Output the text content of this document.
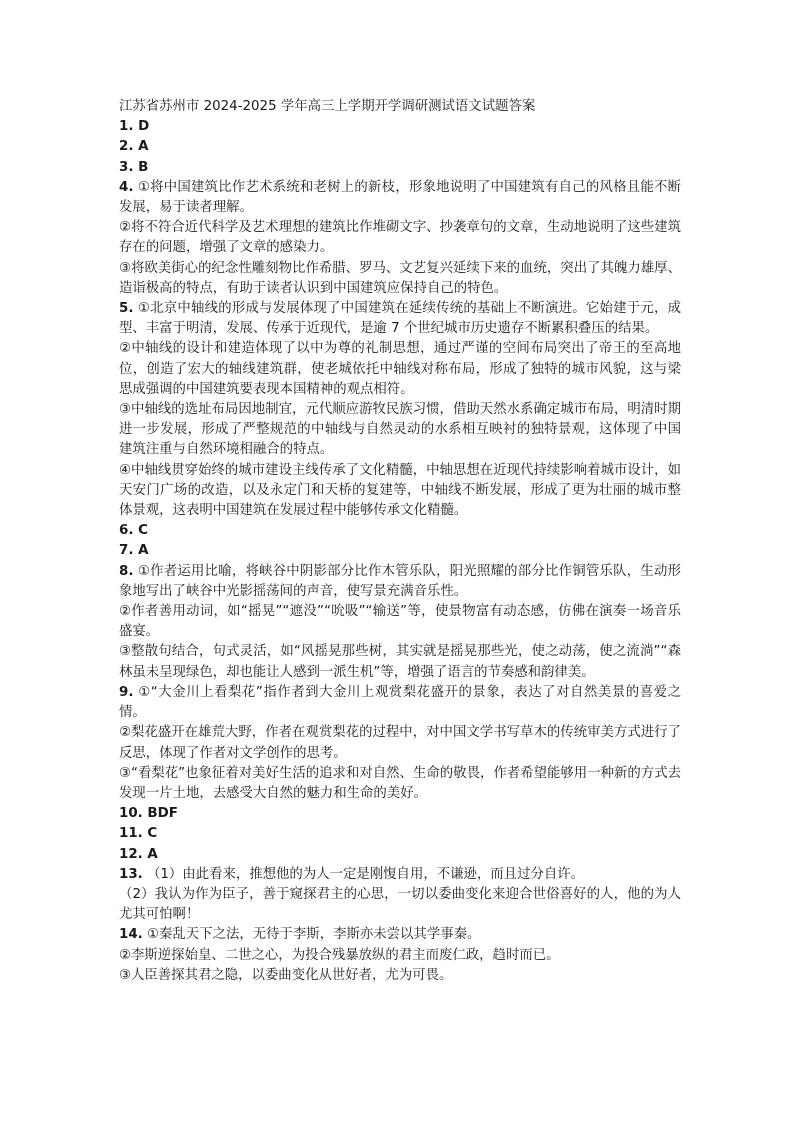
江苏省苏州市 2024-2025 学年高三上学期开学调研测试语文试题答案

1. D

2. A

3. B

4. ①将中国建筑比作艺术系统和老树上的新枝，形象地说明了中国建筑有自己的风格且能不断发展，易于读者理解。

②将不符合近代科学及艺术理想的建筑比作堆砌文字、抄袭章句的文章，生动地说明了这些建筑存在的问题，增强了文章的感染力。

③将欧美街心的纪念性雕刻物比作希腊、罗马、文艺复兴延续下来的血统，突出了其魄力雄厚、造诣极高的特点，有助于读者认识到中国建筑应保持自己的特色。

5. ①北京中轴线的形成与发展体现了中国建筑在延续传统的基础上不断演进。它始建于元，成型、丰富于明清，发展、传承于近现代，是逾 7 个世纪城市历史遗存不断累积叠压的结果。

②中轴线的设计和建造体现了以中为尊的礼制思想，通过严谨的空间布局突出了帝王的至高地位，创造了宏大的轴线建筑群，使老城依托中轴线对称布局，形成了独特的城市风貌，这与梁思成强调的中国建筑要表现本国精神的观点相符。

③中轴线的选址布局因地制宜，元代顺应游牧民族习惯，借助天然水系确定城市布局，明清时期进一步发展，形成了严整规范的中轴线与自然灵动的水系相互映衬的独特景观，这体现了中国建筑注重与自然环境相融合的特点。

④中轴线贯穿始终的城市建设主线传承了文化精髓，中轴思想在近现代持续影响着城市设计，如天安门广场的改造，以及永定门和天桥的复建等，中轴线不断发展，形成了更为壮丽的城市整体景观，这表明中国建筑在发展过程中能够传承文化精髓。

6. C

7. A

8. ①作者运用比喻，将峡谷中阴影部分比作木管乐队，阳光照耀的部分比作铜管乐队，生动形象地写出了峡谷中光影摇荡间的声音，使写景充满音乐性。

②作者善用动词，如“摇晃”“遮没”“吮吸”“输送”等，使景物富有动态感，仿佛在演奏一场音乐盛宴。

③整散句结合，句式灵活，如“风摇晃那些树，其实就是摇晃那些光，使之动荡，使之流淌”“森林虽未呈现绿色，却也能让人感到一派生机”等，增强了语言的节奏感和韵律美。

9. ①“大金川上看梨花”指作者到大金川上观赏梨花盛开的景象，表达了对自然美景的喜爱之情。

②梨花盛开在雄荒大野，作者在观赏梨花的过程中，对中国文学书写草木的传统审美方式进行了反思，体现了作者对文学创作的思考。

③“看梨花”也象征着对美好生活的追求和对自然、生命的敬畏，作者希望能够用一种新的方式去发现一片土地，去感受大自然的魅力和生命的美好。

10. BDF

11. C

12. A

13. （1）由此看来，推想他的为人一定是刚愎自用，不谦逊，而且过分自许。

（2）我认为作为臣子，善于窥探君主的心思，一切以委曲变化来迎合世俗喜好的人，他的为人尤其可怕啊！

14. ①秦乱天下之法，无待于李斯，李斯亦未尝以其学事秦。

②李斯逆探始皇、二世之心，为投合残暴放纵的君主而废仁政，趋时而已。

③人臣善探其君之隐，以委曲变化从世好者，尤为可畏。
